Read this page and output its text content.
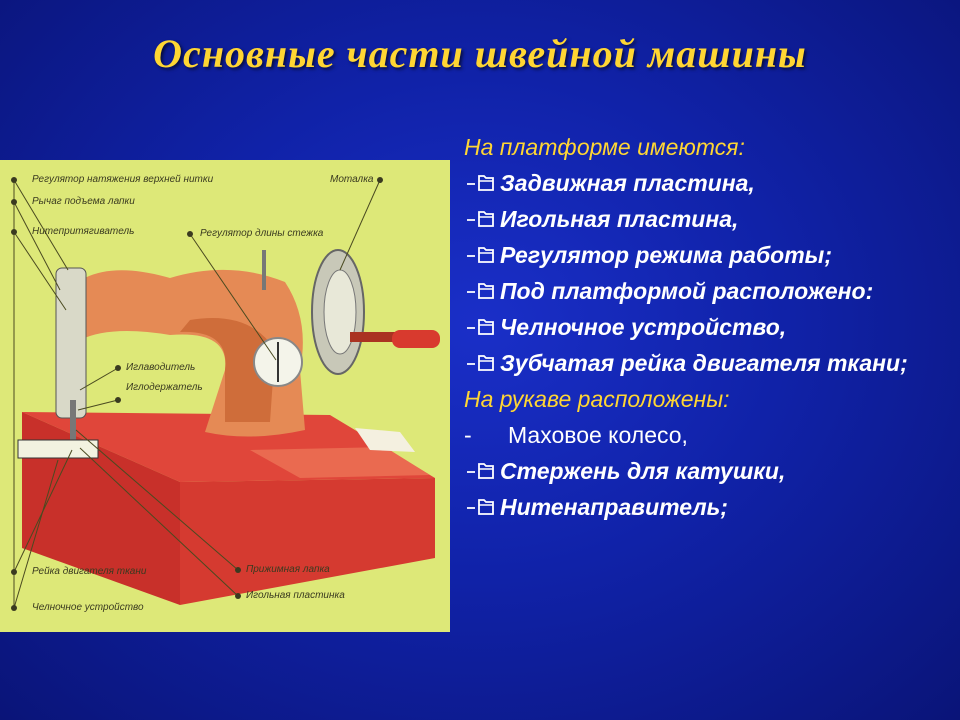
Основные части швейной машины
Регулятор натяжения верхней нитки	Моталка
Рычаг подъема лапки
Нитепритягиватель	Регулятор длины стежка
Иглаводитель
Иглодержатель
Рейка двигателя ткани	Прижимная лапка
Челночное устройство
Игольная пластинка
На платформе имеются:
Задвижная пластина,
Игольная пластина,
Регулятор режима работы;
Под платформой расположено:
Челночное устройство,
Зубчатая рейка двигателя ткани;
На рукаве расположены:
- Маховое колесо,
Стержень для катушки,
Нитенаправитель;
